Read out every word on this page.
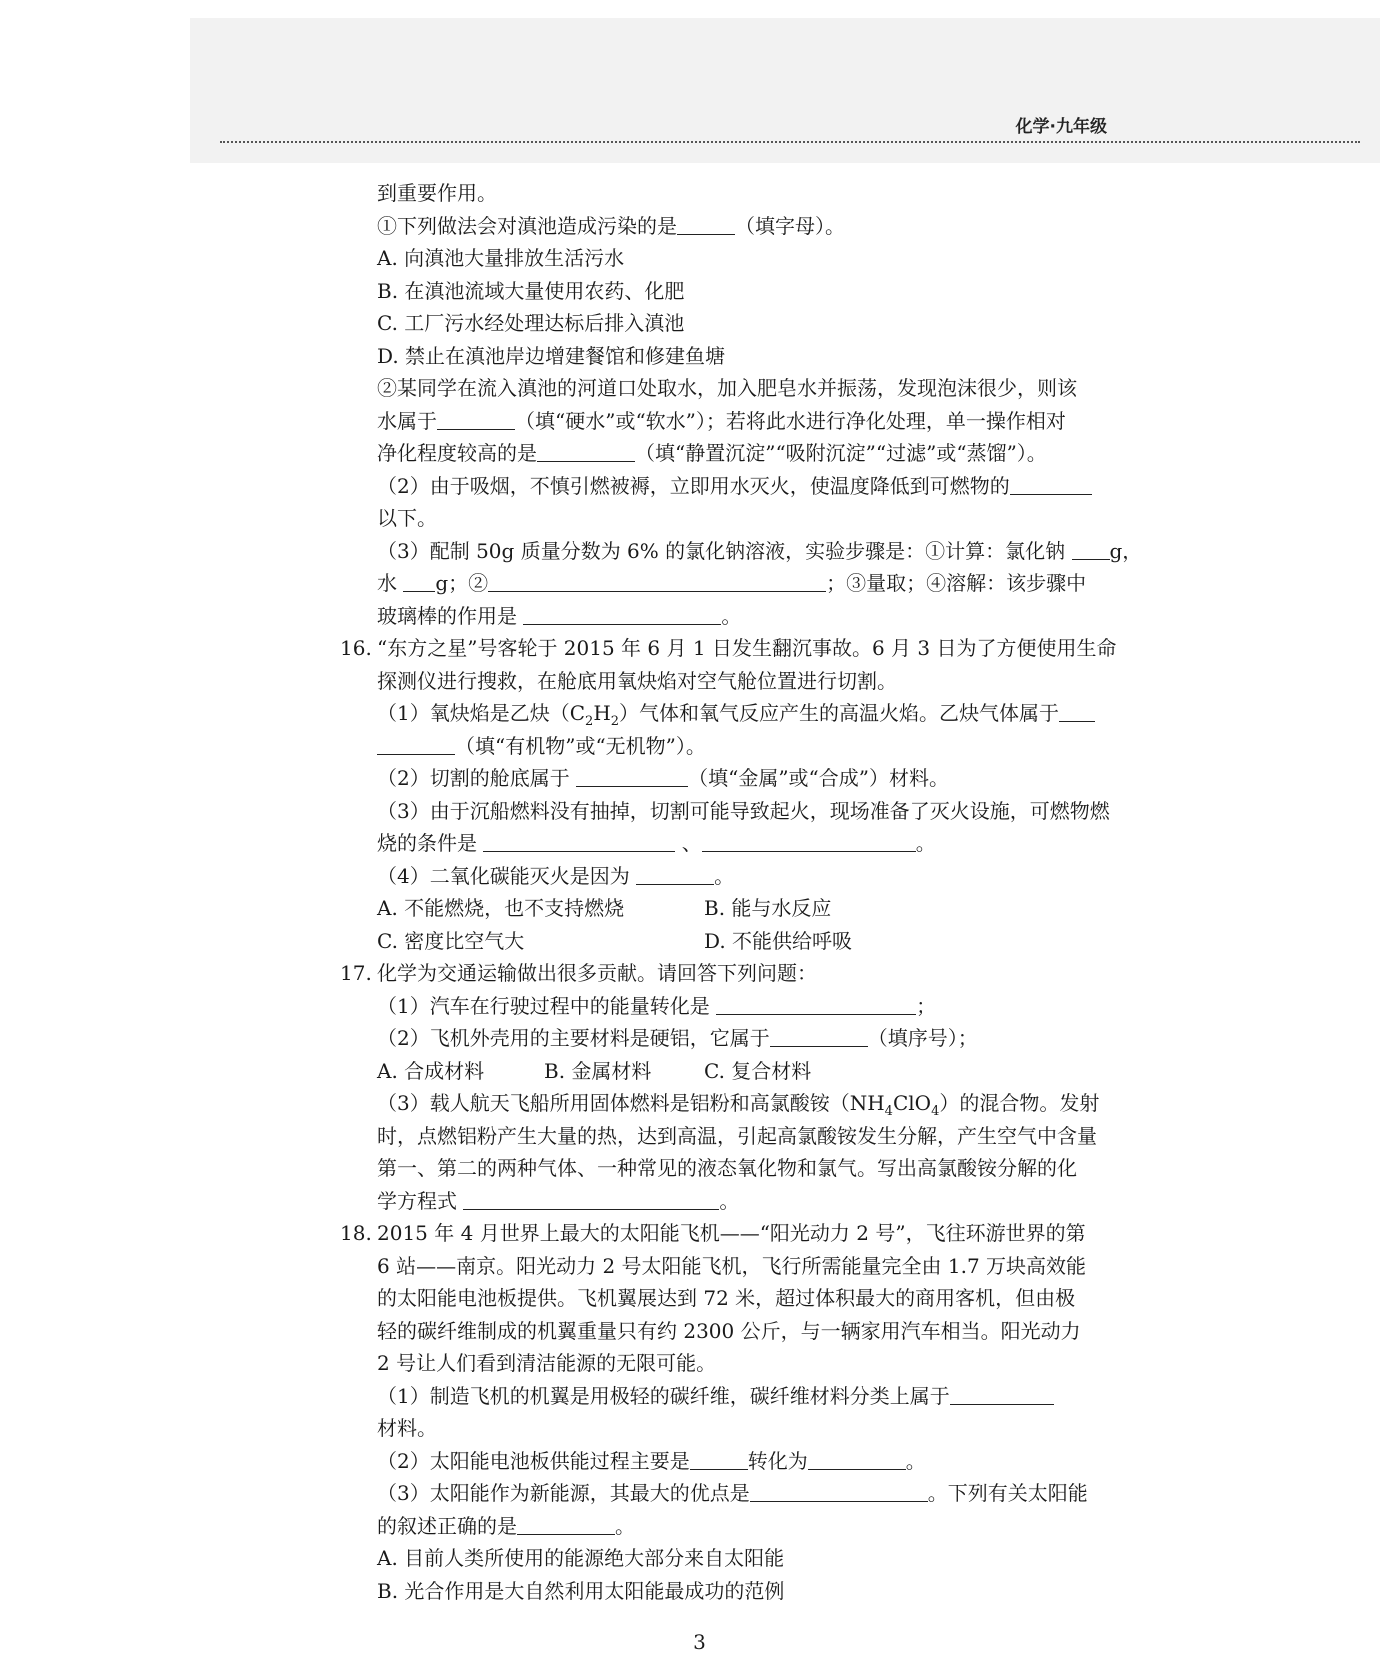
化学·九年级
到重要作用。
①下列做法会对滇池造成污染的是	（填字母）。
A. 向滇池大量排放生活污水
B. 在滇池流域大量使用农药、化肥
C. 工厂污水经处理达标后排入滇池
D. 禁止在滇池岸边增建餐馆和修建鱼塘
②某同学在流入滇池的河道口处取水，加入肥皂水并振荡，发现泡沫很少，则该
水属于	（填“硬水”或“软水”）；若将此水进行净化处理，单一操作相对
净化程度较高的是	（填“静置沉淀”“吸附沉淀”“过滤”或“蒸馏”）。
（2）由于吸烟，不慎引燃被褥，立即用水灭火，使温度降低到可燃物的
以下。
（3）配制 50g 质量分数为 6% 的氯化钠溶液，实验步骤是：①计算：氯化钠 g，
水 g；②	；③量取；④溶解：该步骤中
玻璃棒的作用是	。
16. “东方之星”号客轮于 2015 年 6 月 1 日发生翻沉事故。6 月 3 日为了方便使用生命
探测仪进行搜救，在舱底用氧炔焰对空气舱位置进行切割。
（1）氧炔焰是乙炔$(C_2H_2)$气体和氧气反应产生的高温火焰。乙炔气体属于
（填“有机物”或“无机物”）。
（2）切割的舱底属于	（填“金属”或“合成”）材料。
（3）由于沉船燃料没有抽掉，切割可能导致起火，现场准备了灭火设施，可燃物燃
烧的条件是	、	。
（4）二氧化碳能灭火是因为	。
A. 不能燃烧，也不支持燃烧	B. 能与水反应
C. 密度比空气大	D. 不能供给呼吸
17. 化学为交通运输做出很多贡献。请回答下列问题：
（1）汽车在行驶过程中的能量转化是	；
（2）飞机外壳用的主要材料是硬铝，它属于	（填序号）；
A. 合成材料	B. 金属材料	C. 复合材料
（3）载人航天飞船所用固体燃料是铝粉和高氯酸铵$(NH_4ClO_4)$的混合物。发射
时，点燃铝粉产生大量的热，达到高温，引起高氯酸铵发生分解，产生空气中含量
第一、第二的两种气体、一种常见的液态氧化物和氯气。写出高氯酸铵分解的化
学方程式	。
18. 2015 年 4 月世界上最大的太阳能飞机——“阳光动力 2 号”，飞往环游世界的第
6 站——南京。阳光动力 2 号太阳能飞机，飞行所需能量完全由 1.7 万块高效能
的太阳能电池板提供。飞机翼展达到 72 米，超过体积最大的商用客机，但由极
轻的碳纤维制成的机翼重量只有约 2300 公斤，与一辆家用汽车相当。阳光动力
2 号让人们看到清洁能源的无限可能。
（1）制造飞机的机翼是用极轻的碳纤维，碳纤维材料分类上属于
材料。
（2）太阳能电池板供能过程主要是	转化为	。
（3）太阳能作为新能源，其最大的优点是	。下列有关太阳能
的叙述正确的是	。
A. 目前人类所使用的能源绝大部分来自太阳能
B. 光合作用是大自然利用太阳能最成功的范例
3
